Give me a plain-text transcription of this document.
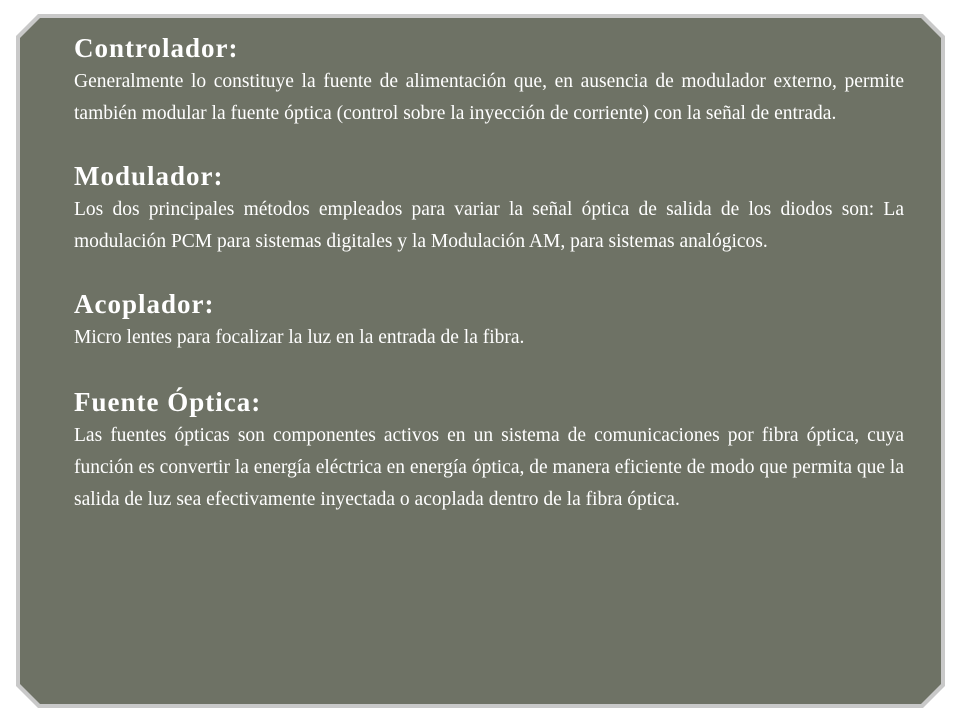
Controlador:

Generalmente lo constituye la fuente de alimentación que, en ausencia de modulador externo, permite también modular la fuente óptica (control sobre la inyección de corriente) con la señal de entrada.

Modulador:

Los dos principales métodos empleados para variar la señal óptica de salida de los diodos son: La modulación PCM para sistemas digitales y la Modulación AM, para sistemas analógicos.

Acoplador:

Micro lentes para focalizar la luz en la entrada de la fibra.

Fuente Óptica:

Las fuentes ópticas son componentes activos en un sistema de comunicaciones por fibra óptica, cuya función es convertir la energía eléctrica en energía óptica, de manera eficiente de modo que permita que la salida de luz sea efectivamente inyectada o acoplada dentro de la fibra óptica.
